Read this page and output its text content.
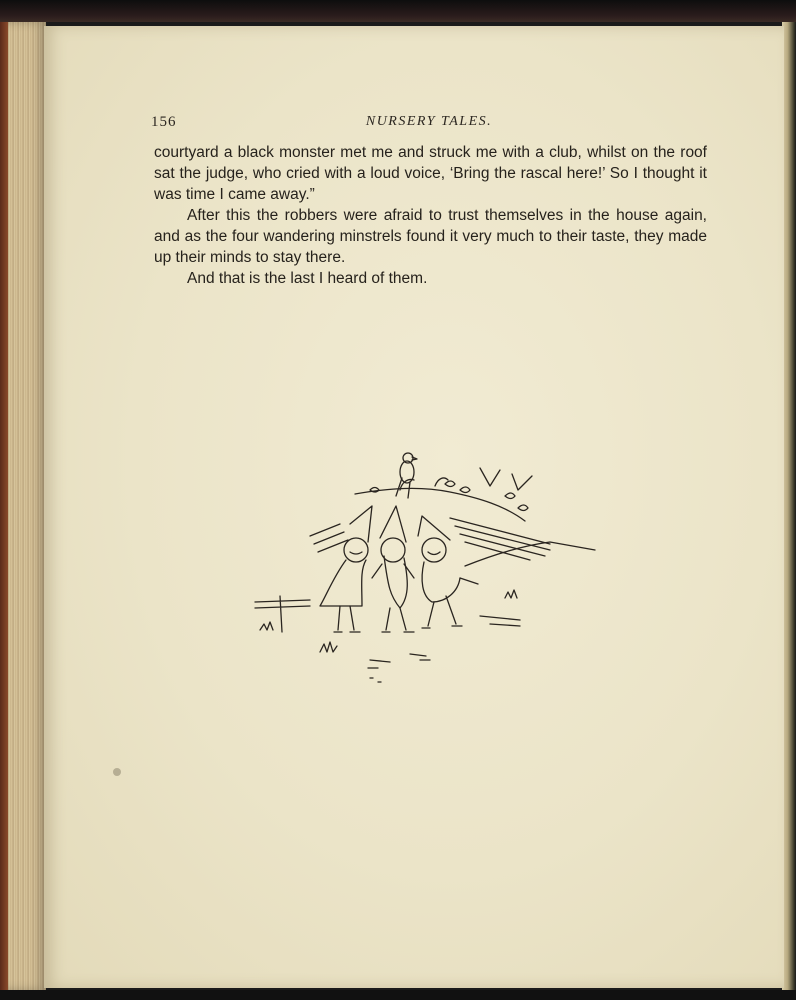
156	NURSERY TALES.

courtyard a black monster met me and struck me with a club, whilst on the roof sat the judge, who cried with a loud voice, ‘Bring the rascal here!’ So I thought it was time I came away.”

After this the robbers were afraid to trust themselves in the house again, and as the four wandering minstrels found it very much to their taste, they made up their minds to stay there.

And that is the last I heard of them.
